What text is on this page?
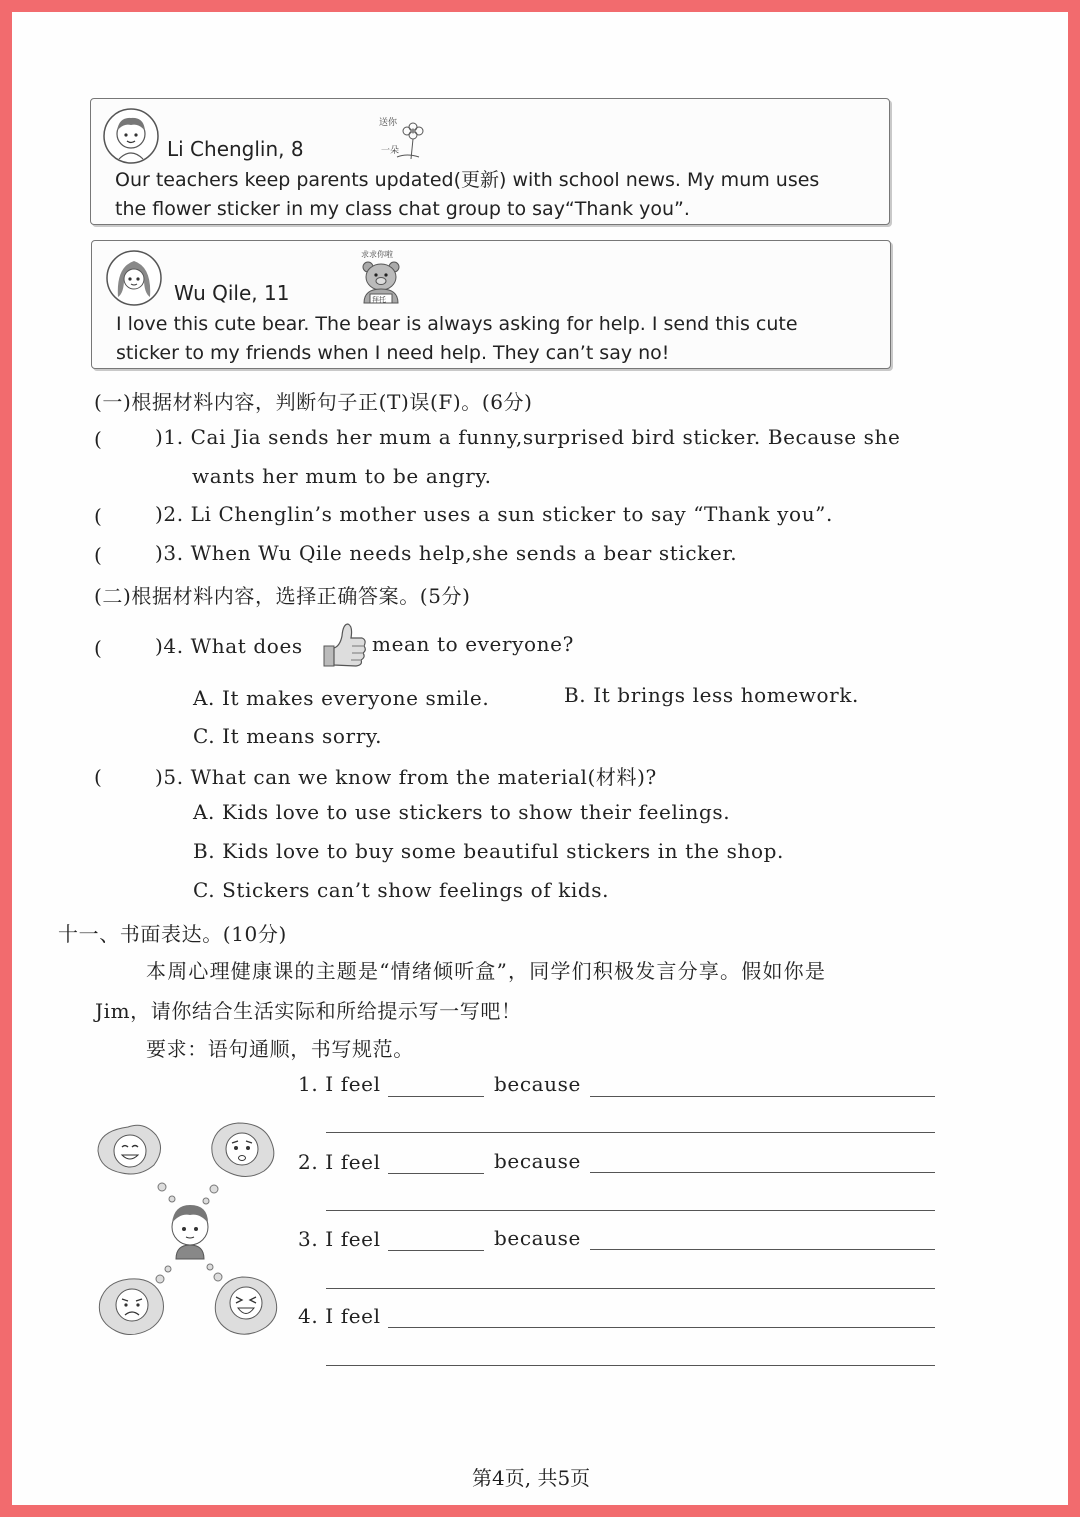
Li Chenglin, 8
送你
一朵
Our teachers keep parents updated(更新) with school news. My mum uses
the flower sticker in my class chat group to say“Thank you”.
Wu Qile, 11
求求你啦
拜托
I love this cute bear. The bear is always asking for help. I send this cute
sticker to my friends when I need help. They can’t say no!
(一)根据材料内容，判断句子正(T)误(F)。(6分)
(	)1. Cai Jia sends her mum a funny,surprised bird sticker. Because she
wants her mum to be angry.
(	)2. Li Chenglin’s mother uses a sun sticker to say “Thank you”.
(	)3. When Wu Qile needs help,she sends a bear sticker.
(二)根据材料内容，选择正确答案。(5分)
(	)4. What does	mean to everyone?
A. It makes everyone smile.	B. It brings less homework.
C. It means sorry.
(	)5. What can we know from the material(材料)?
A. Kids love to use stickers to show their feelings.
B. Kids love to buy some beautiful stickers in the shop.
C. Stickers can’t show feelings of kids.
十一、书面表达。(10分)
本周心理健康课的主题是“情绪倾听盒”，同学们积极发言分享。假如你是
Jim，请你结合生活实际和所给提示写一写吧！
要求：语句通顺，书写规范。
1. I feel	because
2. I feel	because
3. I feel	because
4. I feel
第4页, 共5页
